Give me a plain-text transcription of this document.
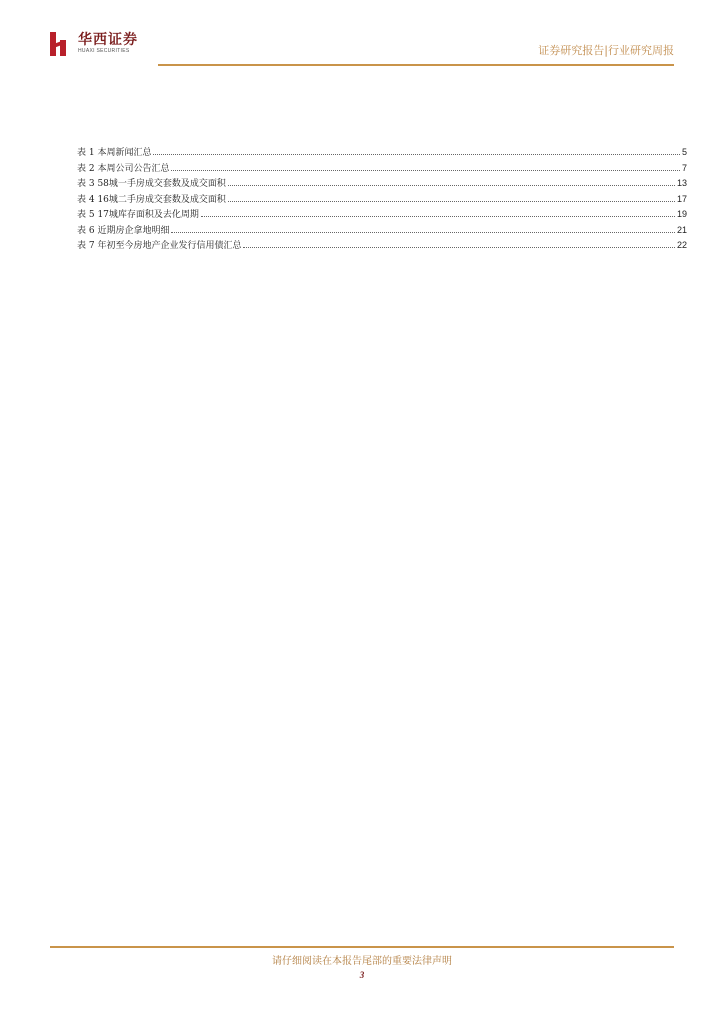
华西证券
HUAXI SECURITIES	证券研究报告|行业研究周报
表 1 本周新闻汇总	5
表 2 本周公司公告汇总	7
表 3 58城一手房成交套数及成交面积	13
表 4 16城二手房成交套数及成交面积	17
表 5 17城库存面积及去化周期	19
表 6 近期房企拿地明细	21
表 7 年初至今房地产企业发行信用债汇总	22
请仔细阅读在本报告尾部的重要法律声明
3
